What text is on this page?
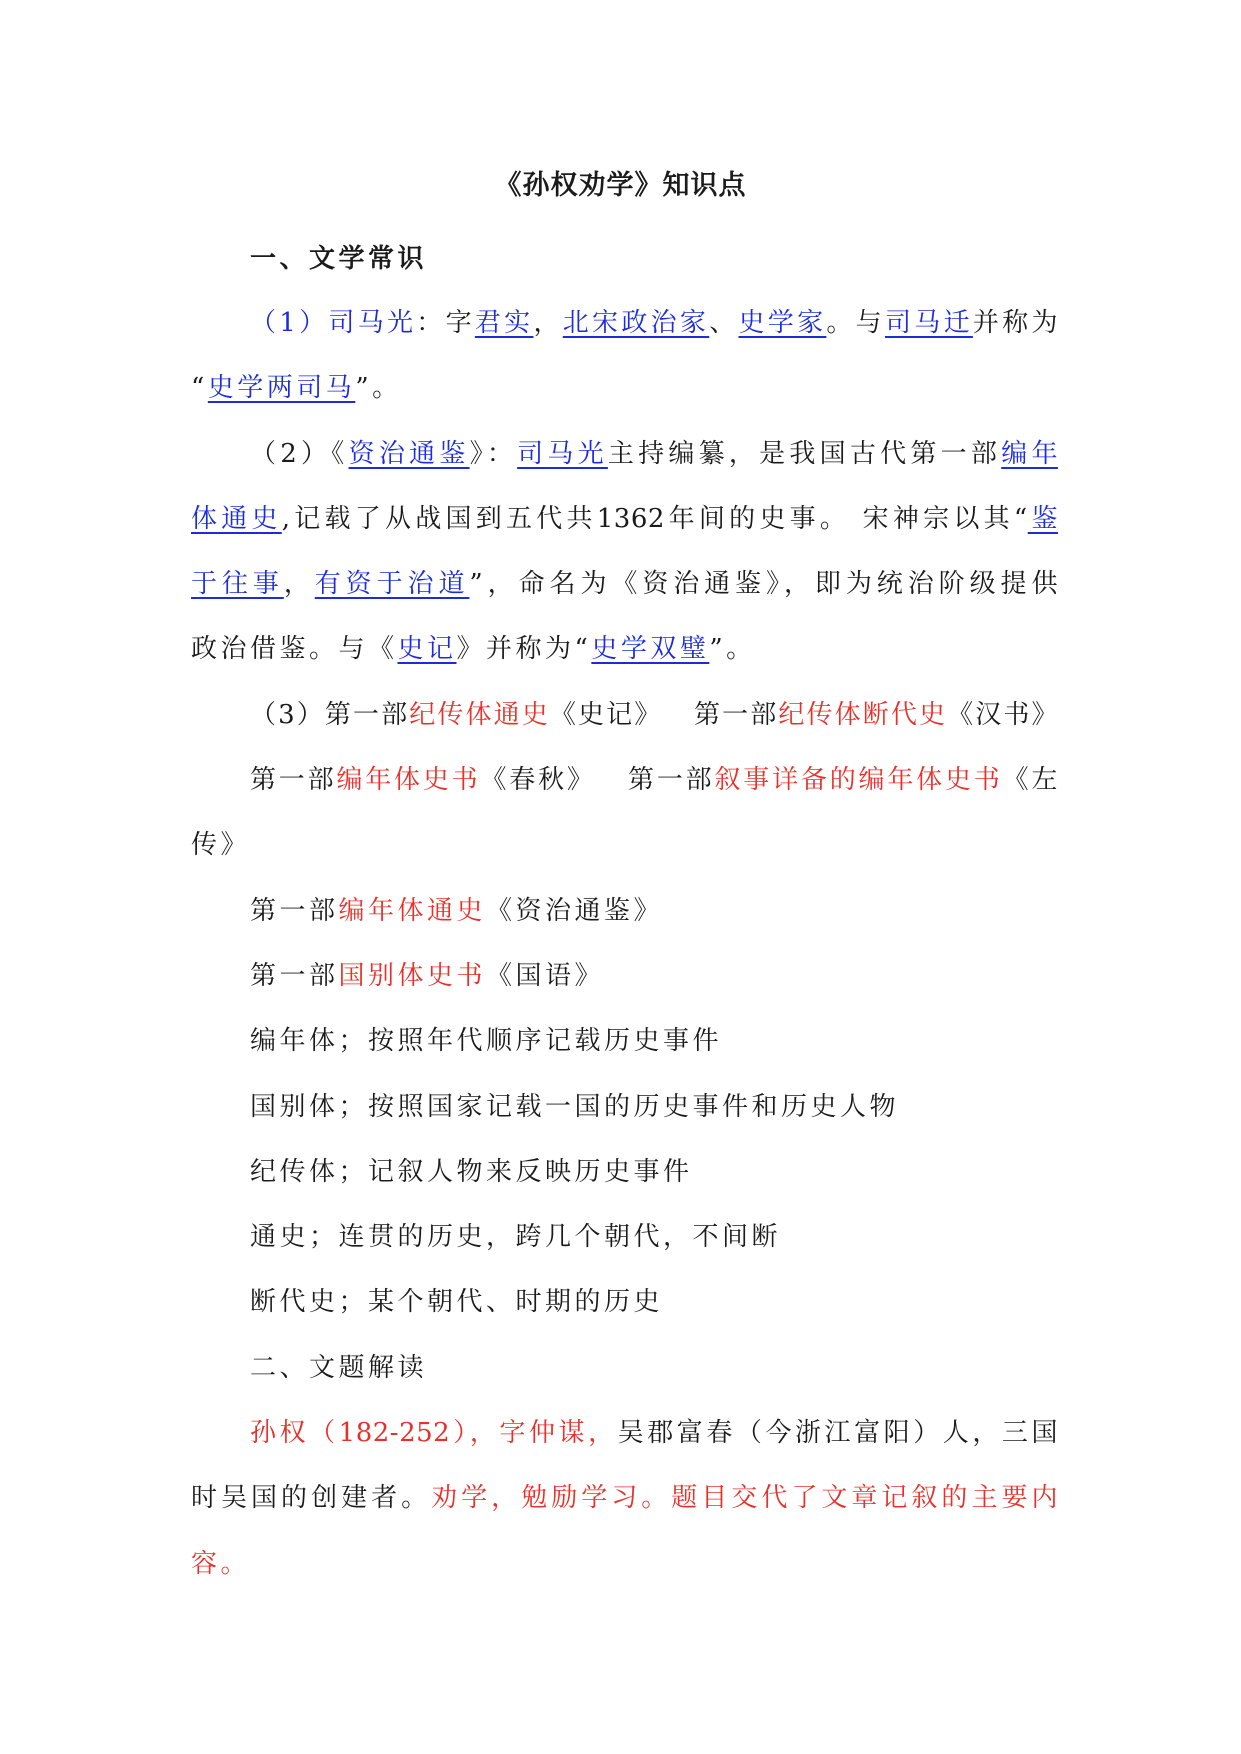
《孙权劝学》知识点
一、文学常识
（1）司马光：字君实，北宋政治家、史学家。与司马迁并称为
“史学两司马”。
（2）《资治通鉴》：司马光主持编纂，是我国古代第一部编年
体通史,记载了从战国到五代共1362年间的史事。 宋神宗以其“鉴
于往事，有资于治道”，命名为《资治通鉴》，即为统治阶级提供
政治借鉴。与《史记》并称为“史学双璧”。
（3）第一部纪传体通史《史记》 第一部纪传体断代史《汉书》
第一部编年体史书《春秋》 第一部叙事详备的编年体史书《左
传》
第一部编年体通史《资治通鉴》
第一部国别体史书《国语》
编年体；按照年代顺序记载历史事件
国别体；按照国家记载一国的历史事件和历史人物
纪传体；记叙人物来反映历史事件
通史；连贯的历史，跨几个朝代，不间断
断代史；某个朝代、时期的历史
二、文题解读
孙权（182-252），字仲谋，吴郡富春（今浙江富阳）人，三国
时吴国的创建者。劝学，勉励学习。题目交代了文章记叙的主要内
容。
